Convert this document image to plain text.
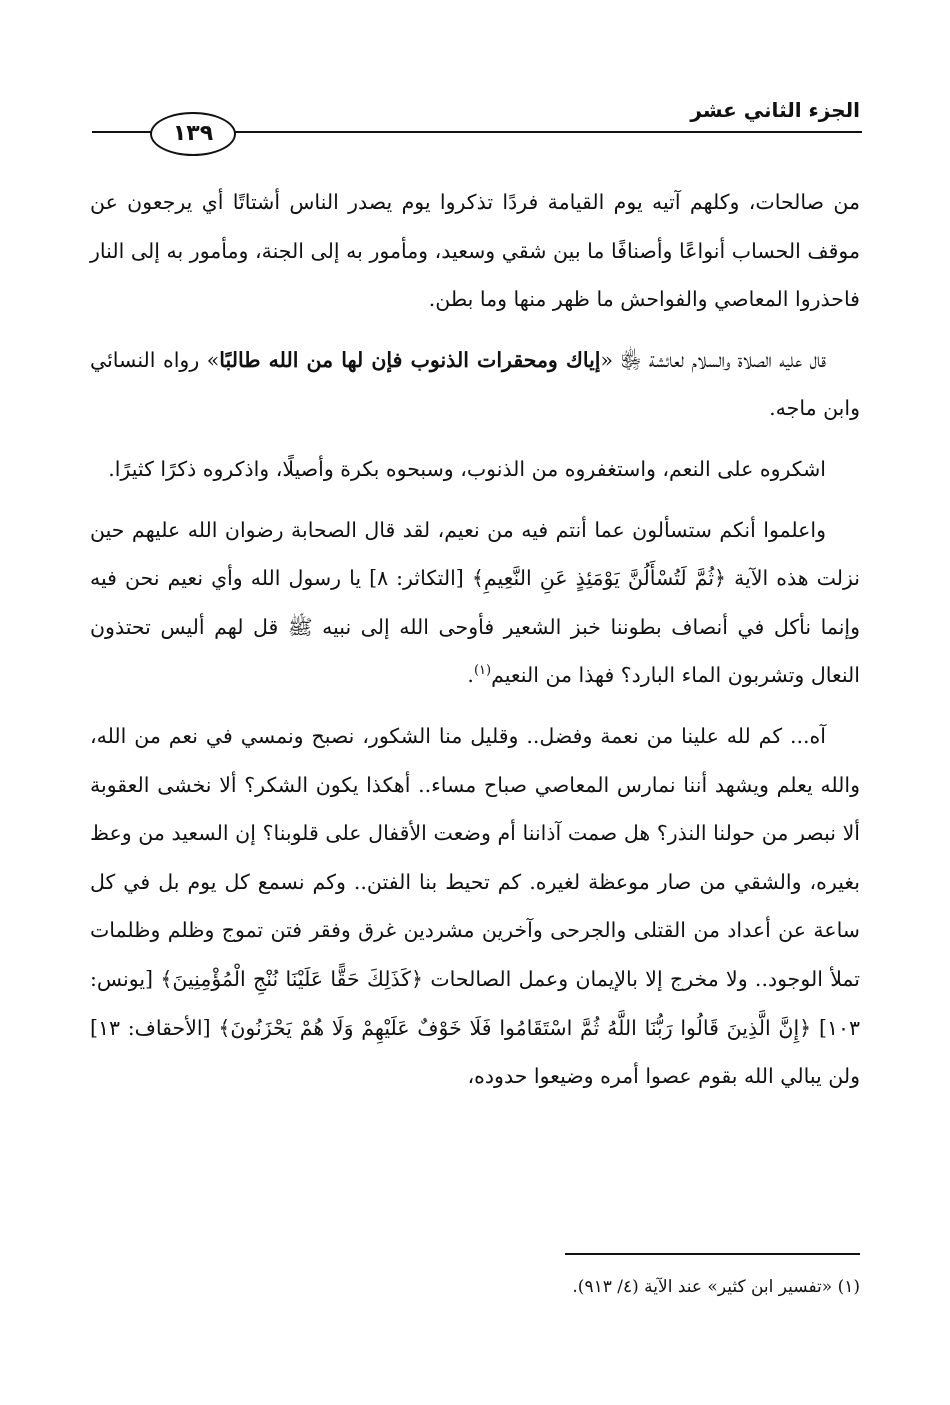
الجزء الثاني عشر
١٣٩

من صالحات، وكلهم آتيه يوم القيامة فردًا تذكروا يوم يصدر الناس أشتاتًا أي يرجعون عن موقف الحساب أنواعًا وأصنافًا ما بين شقي وسعيد، ومأمور به إلى الجنة، ومأمور به إلى النار فاحذروا المعاصي والفواحش ما ظهر منها وما بطن.

قال عليه الصلاة والسلام لعائشة ﵂ «إياك ومحقرات الذنوب فإن لها من الله طالبًا» رواه النسائي وابن ماجه.

اشكروه على النعم، واستغفروه من الذنوب، وسبحوه بكرة وأصيلًا، واذكروه ذكرًا كثيرًا.

واعلموا أنكم ستسألون عما أنتم فيه من نعيم، لقد قال الصحابة رضوان الله عليهم حين نزلت هذه الآية ﴿ثُمَّ لَتُسْأَلُنَّ يَوْمَئِذٍ عَنِ النَّعِيمِ﴾ [التكاثر: ٨] يا رسول الله وأي نعيم نحن فيه وإنما نأكل في أنصاف بطوننا خبز الشعير فأوحى الله إلى نبيه ﷺ قل لهم أليس تحتذون النعال وتشربون الماء البارد؟ فهذا من النعيم$^{(١)}$.

آه... كم لله علينا من نعمة وفضل.. وقليل منا الشكور، نصبح ونمسي في نعم من الله، والله يعلم ويشهد أننا نمارس المعاصي صباح مساء.. أهكذا يكون الشكر؟ ألا نخشى العقوبة ألا نبصر من حولنا النذر؟ هل صمت آذاننا أم وضعت الأقفال على قلوبنا؟ إن السعيد من وعظ بغيره، والشقي من صار موعظة لغيره. كم تحيط بنا الفتن.. وكم نسمع كل يوم بل في كل ساعة عن أعداد من القتلى والجرحى وآخرين مشردين غرق وفقر فتن تموج وظلم وظلمات تملأ الوجود.. ولا مخرج إلا بالإيمان وعمل الصالحات ﴿كَذَلِكَ حَقًّا عَلَيْنَا نُنْجِ الْمُؤْمِنِينَ﴾ [يونس: ١٠٣] ﴿إِنَّ الَّذِينَ قَالُوا رَبُّنَا اللَّهُ ثُمَّ اسْتَقَامُوا فَلَا خَوْفٌ عَلَيْهِمْ وَلَا هُمْ يَحْزَنُونَ﴾ [الأحقاف: ١٣] ولن يبالي الله بقوم عصوا أمره وضيعوا حدوده،

(١) «تفسير ابن كثير» عند الآية (٤/ ٩١٣).
